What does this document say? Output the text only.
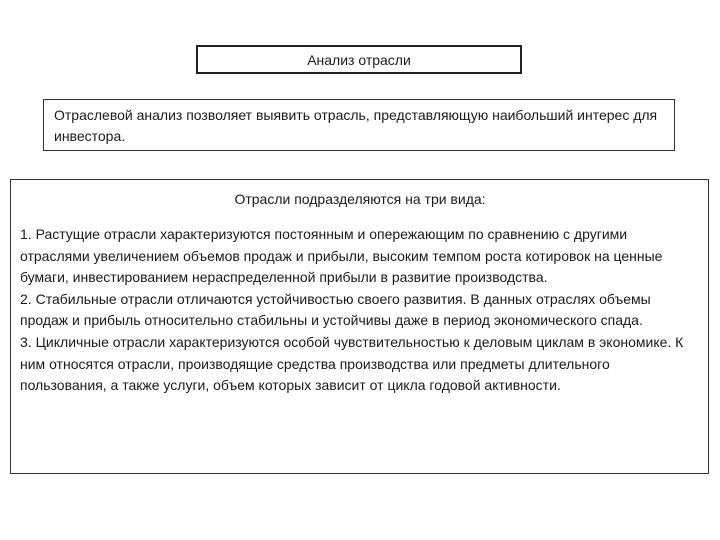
Анализ отрасли
Отраслевой анализ позволяет выявить отрасль, представляющую наибольший интерес для инвестора.
Отрасли подразделяются на три вида:
1. Растущие отрасли характеризуются постоянным и опережающим по сравнению с другими отраслями увеличением объемов продаж и прибыли, высоким темпом роста котировок на ценные бумаги, инвестированием нераспределенной прибыли в развитие производства.
2. Стабильные отрасли отличаются устойчивостью своего развития. В данных отраслях объемы продаж и прибыль относительно стабильны и устойчивы даже в период экономического спада.
3. Цикличные отрасли характеризуются особой чувствительностью к деловым циклам в экономике. К ним относятся отрасли, производящие средства производства или предметы длительного пользования, а также услуги, объем которых зависит от цикла годовой активности.
